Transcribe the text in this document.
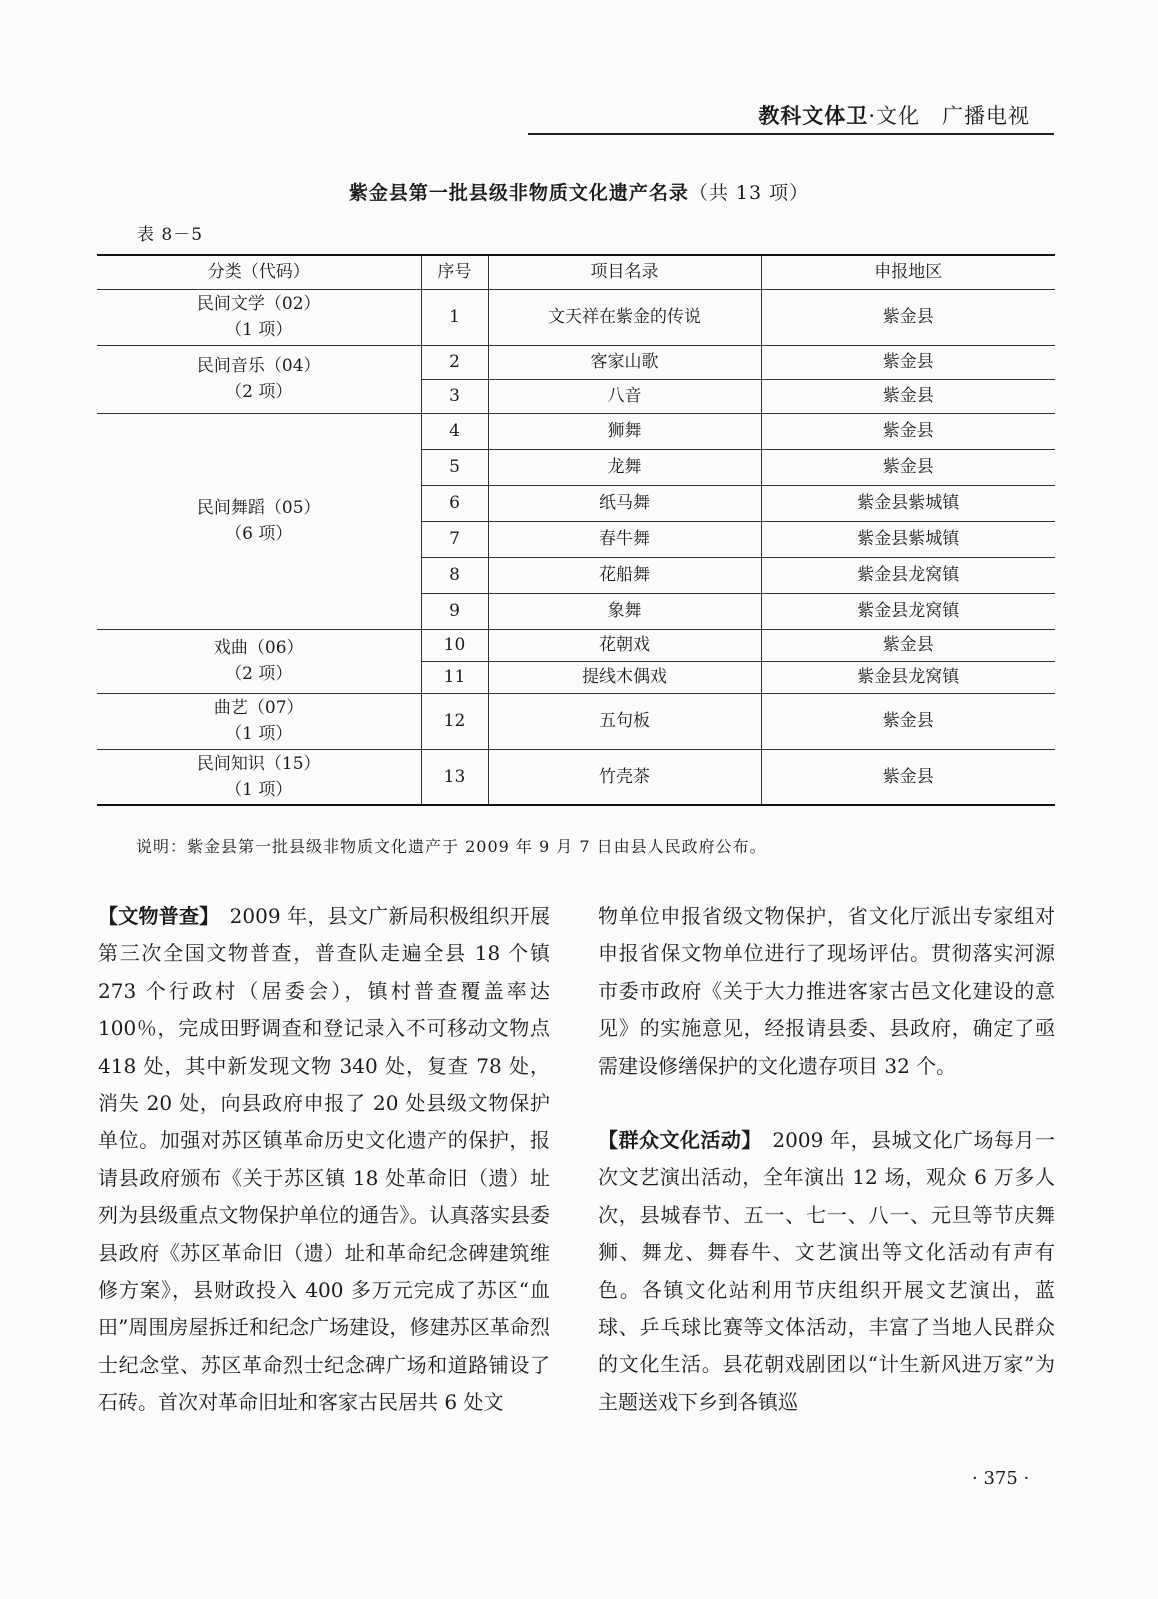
教科文体卫·文化　广播电视
紫金县第一批县级非物质文化遗产名录（共 13 项）
表 8－5
分类（代码）	序号	项目名录	申报地区

民间文学（02）
（1 项）	1	文天祥在紫金的传说	紫金县

民间音乐（04）
（2 项）	2	客家山歌	紫金县
	3	八音	紫金县

民间舞蹈（05）
（6 项）	4	狮舞	紫金县
	5	龙舞	紫金县
	6	纸马舞	紫金县紫城镇
	7	春牛舞	紫金县紫城镇
	8	花船舞	紫金县龙窝镇
	9	象舞	紫金县龙窝镇

戏曲（06）
（2 项）	10	花朝戏	紫金县
	11	提线木偶戏	紫金县龙窝镇

曲艺（07）
（1 项）	12	五句板	紫金县

民间知识（15）
（1 项）	13	竹壳茶	紫金县
说明：紫金县第一批县级非物质文化遗产于 2009 年 9 月 7 日由县人民政府公布。

【文物普查】　 2009 年，县文广新局积极组织开展第三次全国文物普查，普查队走遍全县 18 个镇 273 个行政村（居委会），镇村普查覆盖率达 100％，完成田野调查和登记录入不可移动文物点 418 处，其中新发现文物 340 处，复查 78 处，消失 20 处，向县政府申报了 20 处县级文物保护单位。加强对苏区镇革命历史文化遗产的保护，报请县政府颁布《关于苏区镇 18 处革命旧（遗）址列为县级重点文物保护单位的通告》。认真落实县委县政府《苏区革命旧（遗）址和革命纪念碑建筑维修方案》，县财政投入 400 多万元完成了苏区“血田”周围房屋拆迁和纪念广场建设，修建苏区革命烈士纪念堂、苏区革命烈士纪念碑广场和道路铺设了石砖。首次对革命旧址和客家古民居共 6 处文

物单位申报省级文物保护，省文化厅派出专家组对申报省保文物单位进行了现场评估。贯彻落实河源市委市政府《关于大力推进客家古邑文化建设的意见》的实施意见，经报请县委、县政府，确定了亟需建设修缮保护的文化遗存项目 32 个。

【群众文化活动】　 2009 年，县城文化广场每月一次文艺演出活动，全年演出 12 场，观众 6 万多人次，县城春节、五一、七一、八一、元旦等节庆舞狮、舞龙、舞春牛、文艺演出等文化活动有声有色。各镇文化站利用节庆组织开展文艺演出，蓝球、乒乓球比赛等文体活动，丰富了当地人民群众的文化生活。县花朝戏剧团以“计生新风进万家”为主题送戏下乡到各镇巡

· 375 ·
